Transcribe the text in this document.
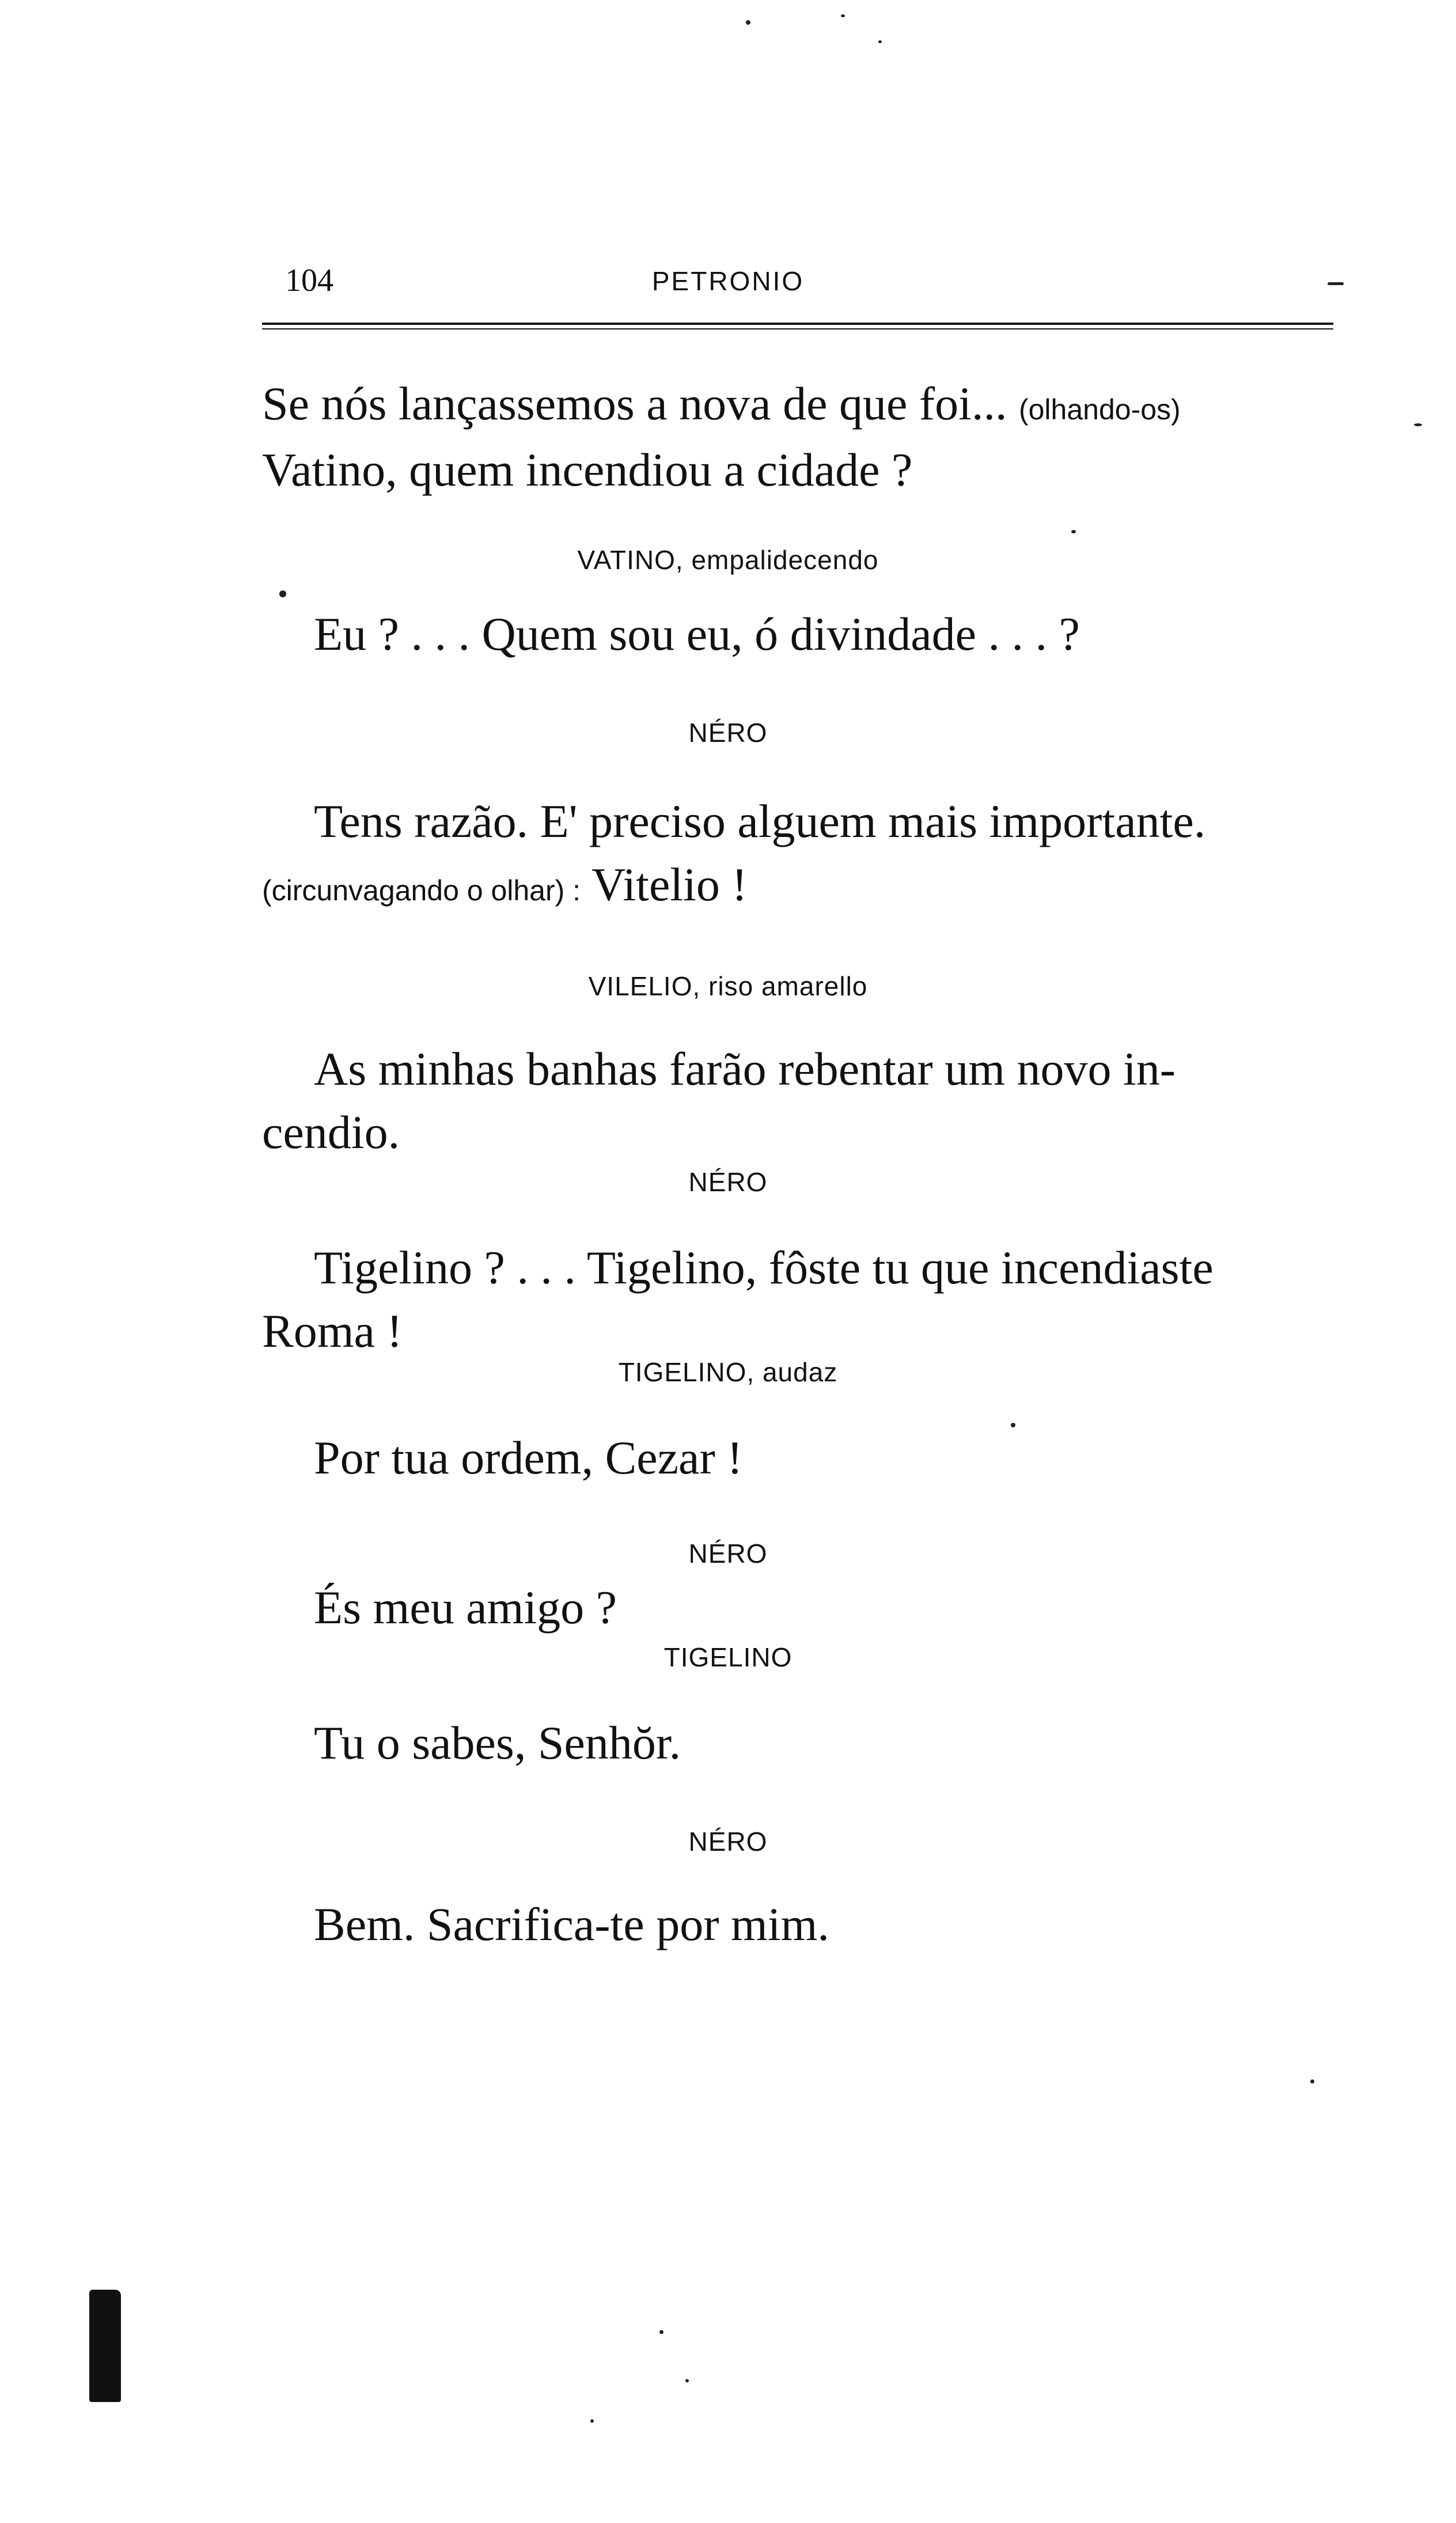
104	PETRONIO
Se nós lançassemos a nova de que foi... (olhando-os)
Vatino, quem incendiou a cidade ?
VATINO, empalidecendo
Eu ? . . . Quem sou eu, ó divindade . . . ?
NÉRO
Tens razão. E' preciso alguem mais importante.
(circunvagando o olhar) : Vitelio !
VILELIO, riso amarello
As minhas banhas farão rebentar um novo in-
cendio.
NÉRO
Tigelino ? . . . Tigelino, fôste tu que incendiaste
Roma !
TIGELINO, audaz
Por tua ordem, Cezar !
NÉRO
És meu amigo ?
TIGELINO
Tu o sabes, Senhŏr.
NÉRO
Bem. Sacrifica-te por mim.
